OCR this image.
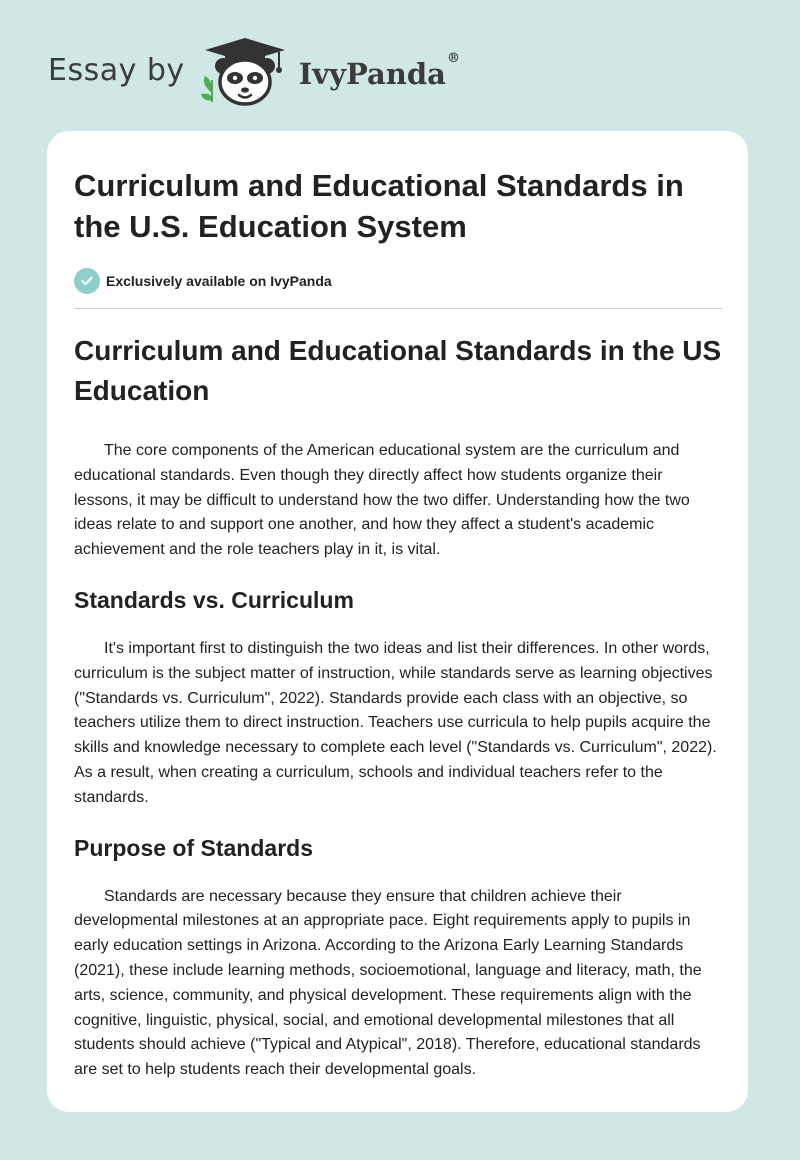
Essay by	IvyPanda®
Curriculum and Educational Standards in the U.S. Education System
Exclusively available on IvyPanda
Curriculum and Educational Standards in the US Education

The core components of the American educational system are the curriculum and educational standards. Even though they directly affect how students organize their lessons, it may be difficult to understand how the two differ. Understanding how the two ideas relate to and support one another, and how they affect a student's academic achievement and the role teachers play in it, is vital.

Standards vs. Curriculum

It's important first to distinguish the two ideas and list their differences. In other words, curriculum is the subject matter of instruction, while standards serve as learning objectives ("Standards vs. Curriculum", 2022). Standards provide each class with an objective, so teachers utilize them to direct instruction. Teachers use curricula to help pupils acquire the skills and knowledge necessary to complete each level ("Standards vs. Curriculum", 2022). As a result, when creating a curriculum, schools and individual teachers refer to the standards.

Purpose of Standards

Standards are necessary because they ensure that children achieve their developmental milestones at an appropriate pace. Eight requirements apply to pupils in early education settings in Arizona. According to the Arizona Early Learning Standards (2021), these include learning methods, socioemotional, language and literacy, math, the arts, science, community, and physical development. These requirements align with the cognitive, linguistic, physical, social, and emotional developmental milestones that all students should achieve ("Typical and Atypical", 2018). Therefore, educational standards are set to help students reach their developmental goals.
